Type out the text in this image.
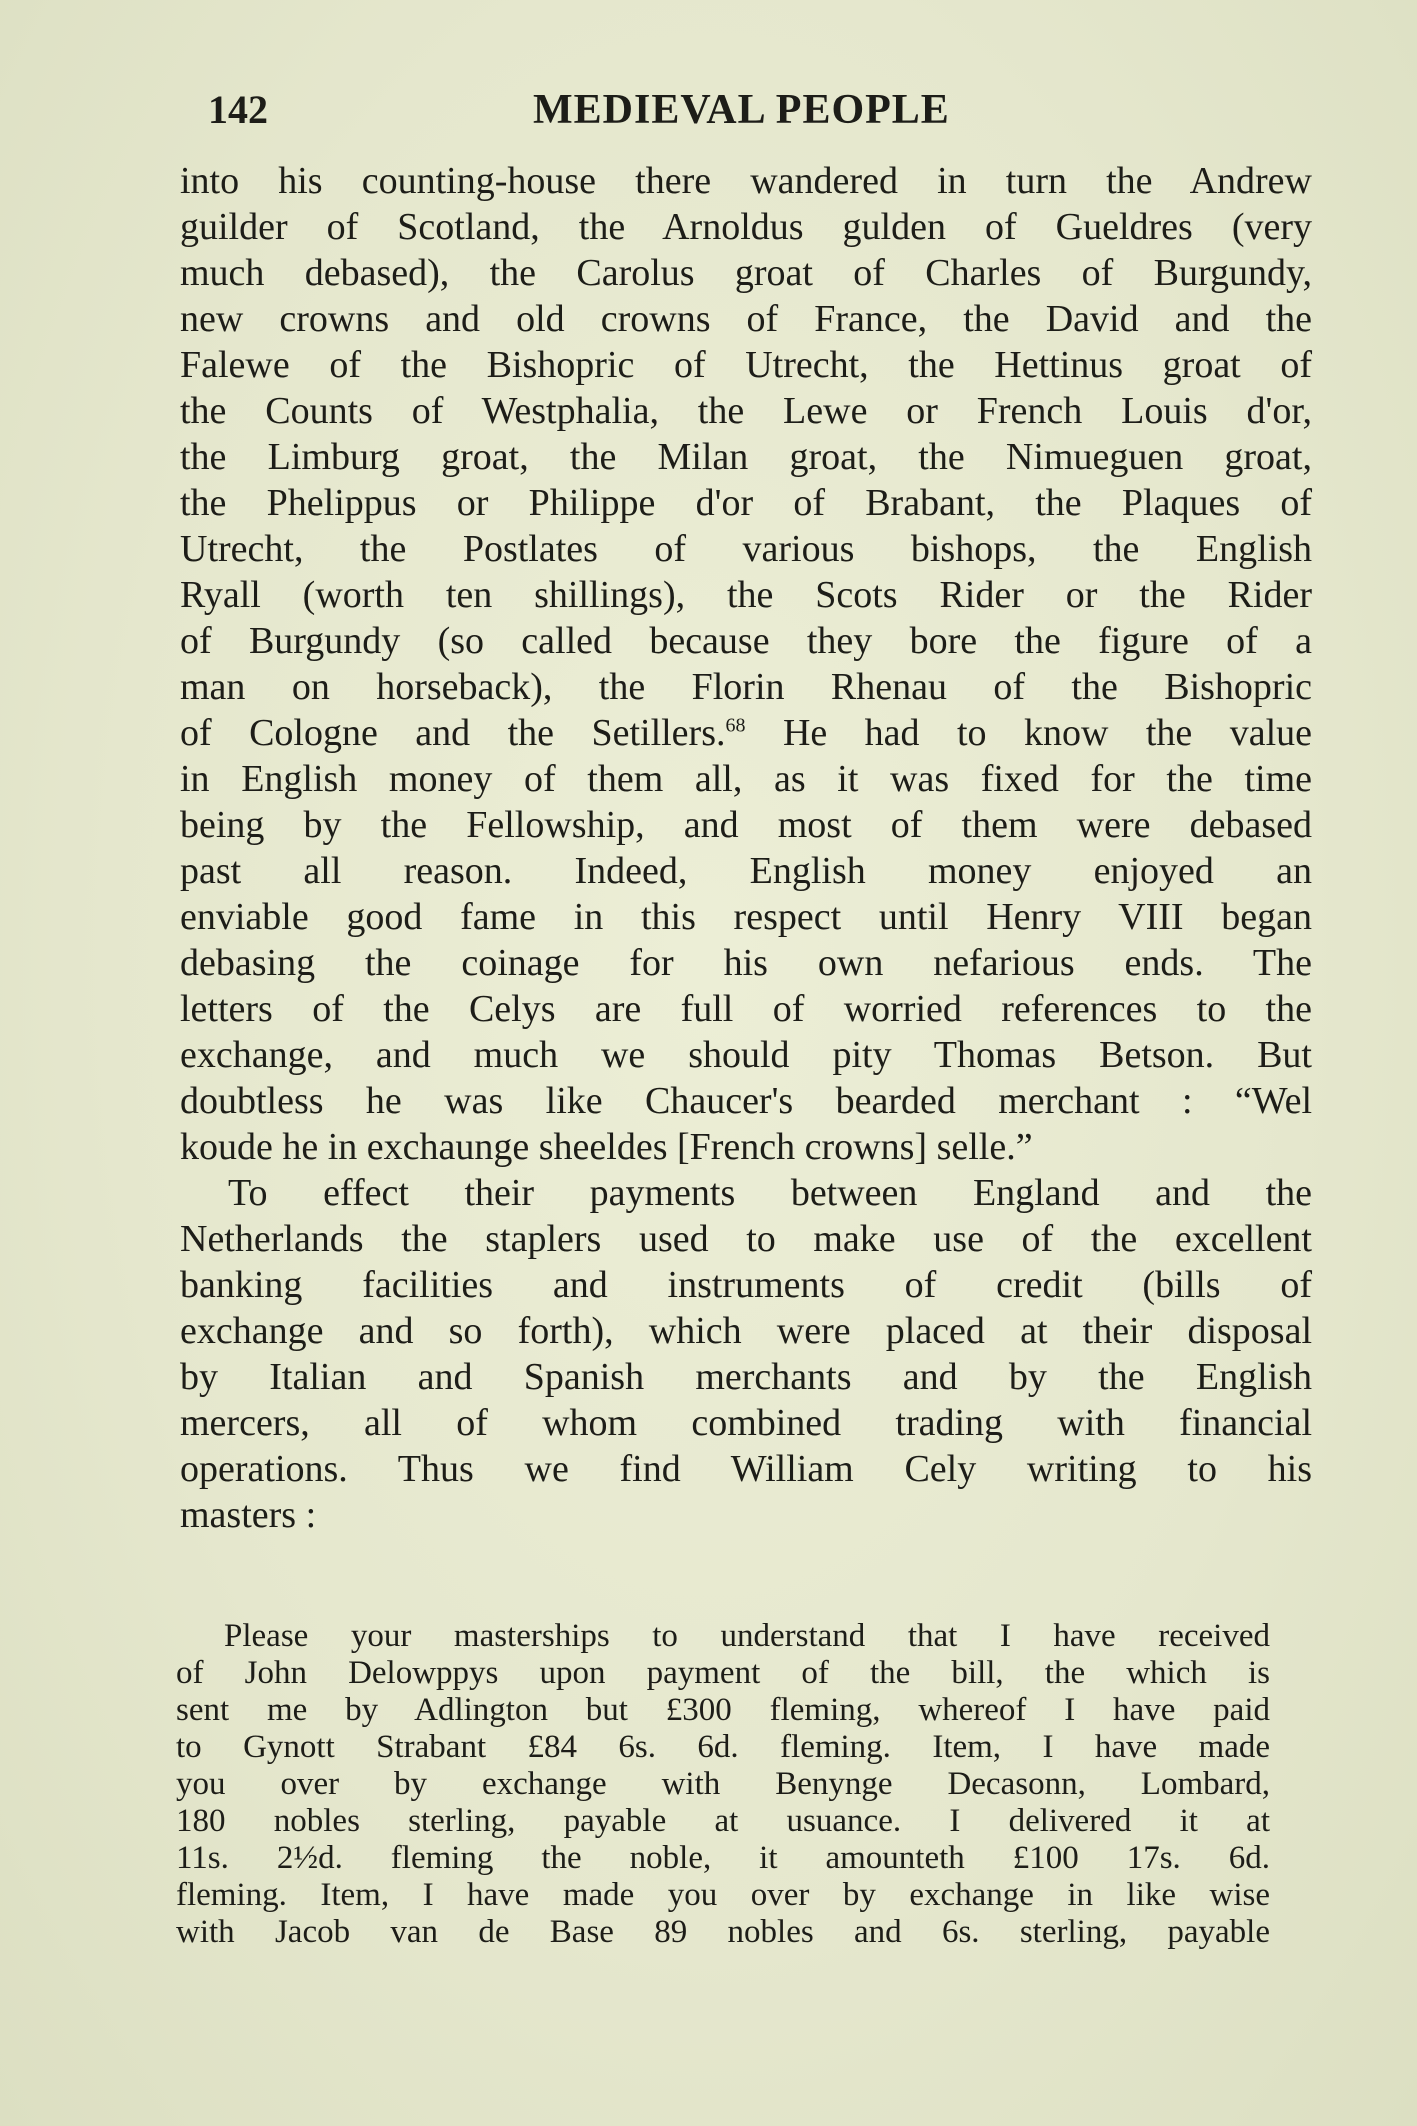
142	MEDIEVAL PEOPLE
into his counting-house there wandered in turn the Andrew
guilder of Scotland, the Arnoldus gulden of Gueldres (very
much debased), the Carolus groat of Charles of Burgundy,
new crowns and old crowns of France, the David and the
Falewe of the Bishopric of Utrecht, the Hettinus groat of
the Counts of Westphalia, the Lewe or French Louis d'or,
the Limburg groat, the Milan groat, the Nimueguen groat,
the Phelippus or Philippe d'or of Brabant, the Plaques of
Utrecht, the Postlates of various bishops, the English
Ryall (worth ten shillings), the Scots Rider or the Rider
of Burgundy (so called because they bore the figure of a
man on horseback), the Florin Rhenau of the Bishopric
of Cologne and the Setillers.$^{68}$ He had to know the value
in English money of them all, as it was fixed for the time
being by the Fellowship, and most of them were debased
past all reason. Indeed, English money enjoyed an
enviable good fame in this respect until Henry VIII began
debasing the coinage for his own nefarious ends. The
letters of the Celys are full of worried references to the
exchange, and much we should pity Thomas Betson. But
doubtless he was like Chaucer's bearded merchant : “Wel
koude he in exchaunge sheeldes [French crowns] selle.”
To effect their payments between England and the
Netherlands the staplers used to make use of the excellent
banking facilities and instruments of credit (bills of
exchange and so forth), which were placed at their disposal
by Italian and Spanish merchants and by the English
mercers, all of whom combined trading with financial
operations. Thus we find William Cely writing to his
masters :
Please your masterships to understand that I have received
of John Delowppys upon payment of the bill, the which is
sent me by Adlington but £300 fleming, whereof I have paid
to Gynott Strabant £84 6s. 6d. fleming. Item, I have made
you over by exchange with Benynge Decasonn, Lombard,
180 nobles sterling, payable at usuance. I delivered it at
11s. 2½d. fleming the noble, it amounteth £100 17s. 6d.
fleming. Item, I have made you over by exchange in like wise
with Jacob van de Base 89 nobles and 6s. sterling, payable
